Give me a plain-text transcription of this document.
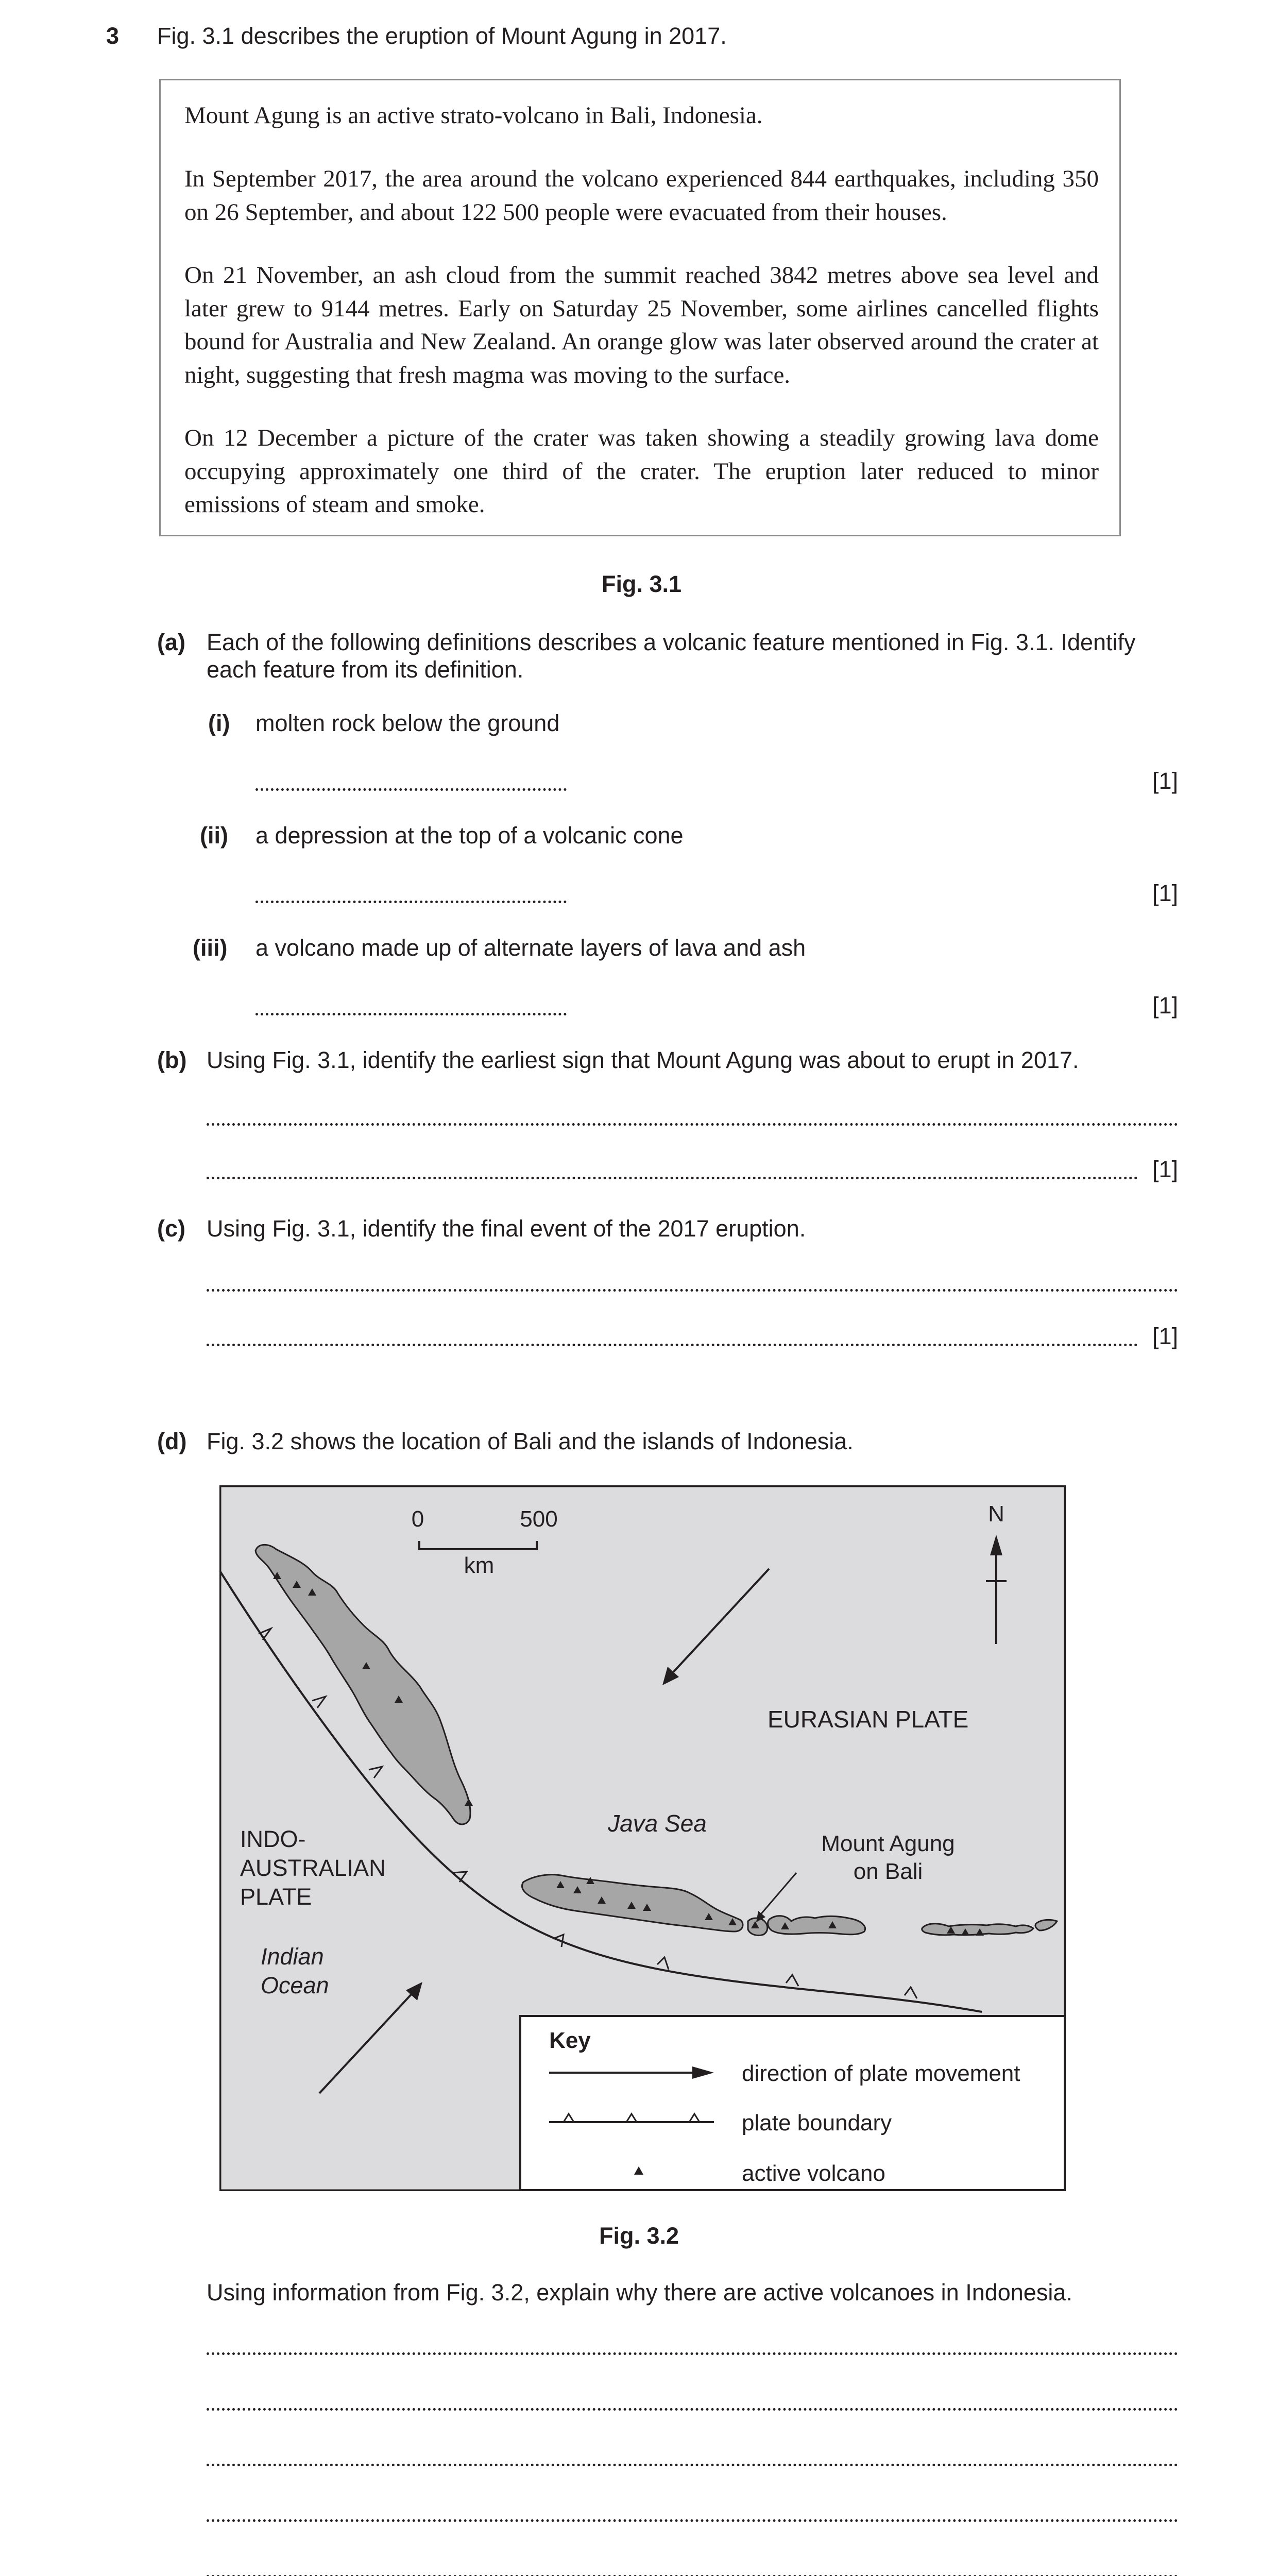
3 Fig. 3.1 describes the eruption of Mount Agung in 2017.
Mount Agung is an active strato-volcano in Bali, Indonesia.
In September 2017, the area around the volcano experienced 844 earthquakes, including 350 on 26 September, and about 122 500 people were evacuated from their houses.
On 21 November, an ash cloud from the summit reached 3842 metres above sea level and later grew to 9144 metres. Early on Saturday 25 November, some airlines cancelled flights bound for Australia and New Zealand. An orange glow was later observed around the crater at night, suggesting that fresh magma was moving to the surface.
On 12 December a picture of the crater was taken showing a steadily growing lava dome occupying approximately one third of the crater. The eruption later reduced to minor emissions of steam and smoke.
Fig. 3.1
(a) Each of the following definitions describes a volcanic feature mentioned in Fig. 3.1. Identify
each feature from its definition.
(i) molten rock below the ground
[1]
(ii) a depression at the top of a volcanic cone
[1]
(iii) a volcano made up of alternate layers of lava and ash
[1]
(b) Using Fig. 3.1, identify the earliest sign that Mount Agung was about to erupt in 2017.
[1]
(c) Using Fig. 3.1, identify the final event of the 2017 eruption.
[1]
(d) Fig. 3.2 shows the location of Bali and the islands of Indonesia.
0	500
km
N
EURASIAN PLATE
Java Sea
Mount Agung
on Bali
INDO-
AUSTRALIAN
PLATE
Indian
Ocean
Key
direction of plate movement
plate boundary
active volcano
Fig. 3.2
Using information from Fig. 3.2, explain why there are active volcanoes in Indonesia.
